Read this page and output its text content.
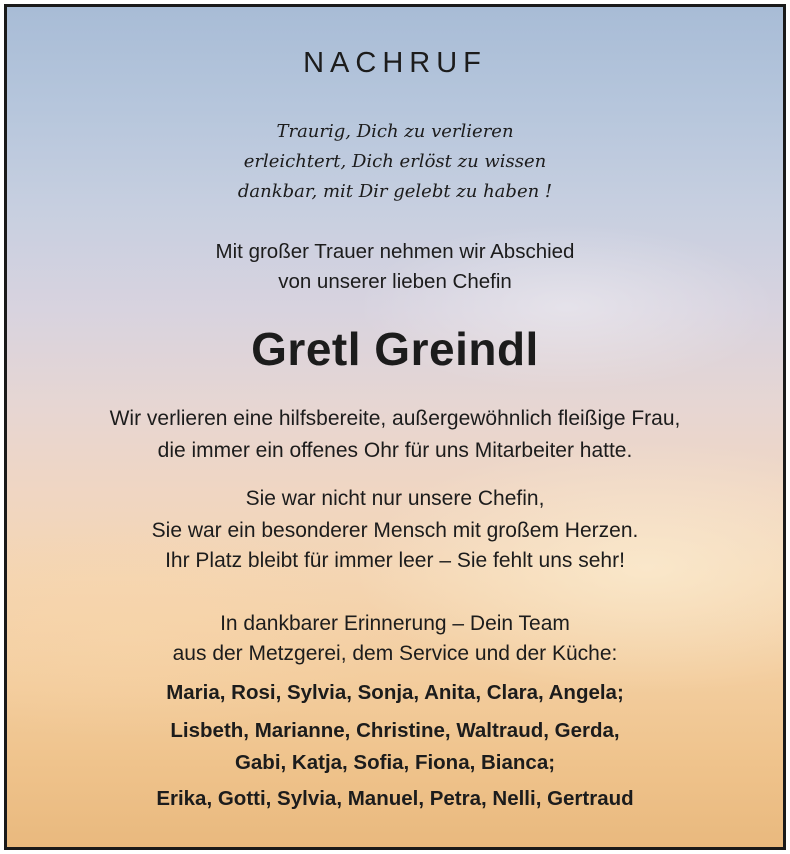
NACHRUF
Traurig, Dich zu verlieren
erleichtert, Dich erlöst zu wissen
dankbar, mit Dir gelebt zu haben !
Mit großer Trauer nehmen wir Abschied
von unserer lieben Chefin
Gretl Greindl
Wir verlieren eine hilfsbereite, außergewöhnlich fleißige Frau,
die immer ein offenes Ohr für uns Mitarbeiter hatte.
Sie war nicht nur unsere Chefin,
Sie war ein besonderer Mensch mit großem Herzen.
Ihr Platz bleibt für immer leer – Sie fehlt uns sehr!
In dankbarer Erinnerung – Dein Team
aus der Metzgerei, dem Service und der Küche:
Maria, Rosi, Sylvia, Sonja, Anita, Clara, Angela;
Lisbeth, Marianne, Christine, Waltraud, Gerda,
Gabi, Katja, Sofia, Fiona, Bianca;
Erika, Gotti, Sylvia, Manuel, Petra, Nelli, Gertraud
